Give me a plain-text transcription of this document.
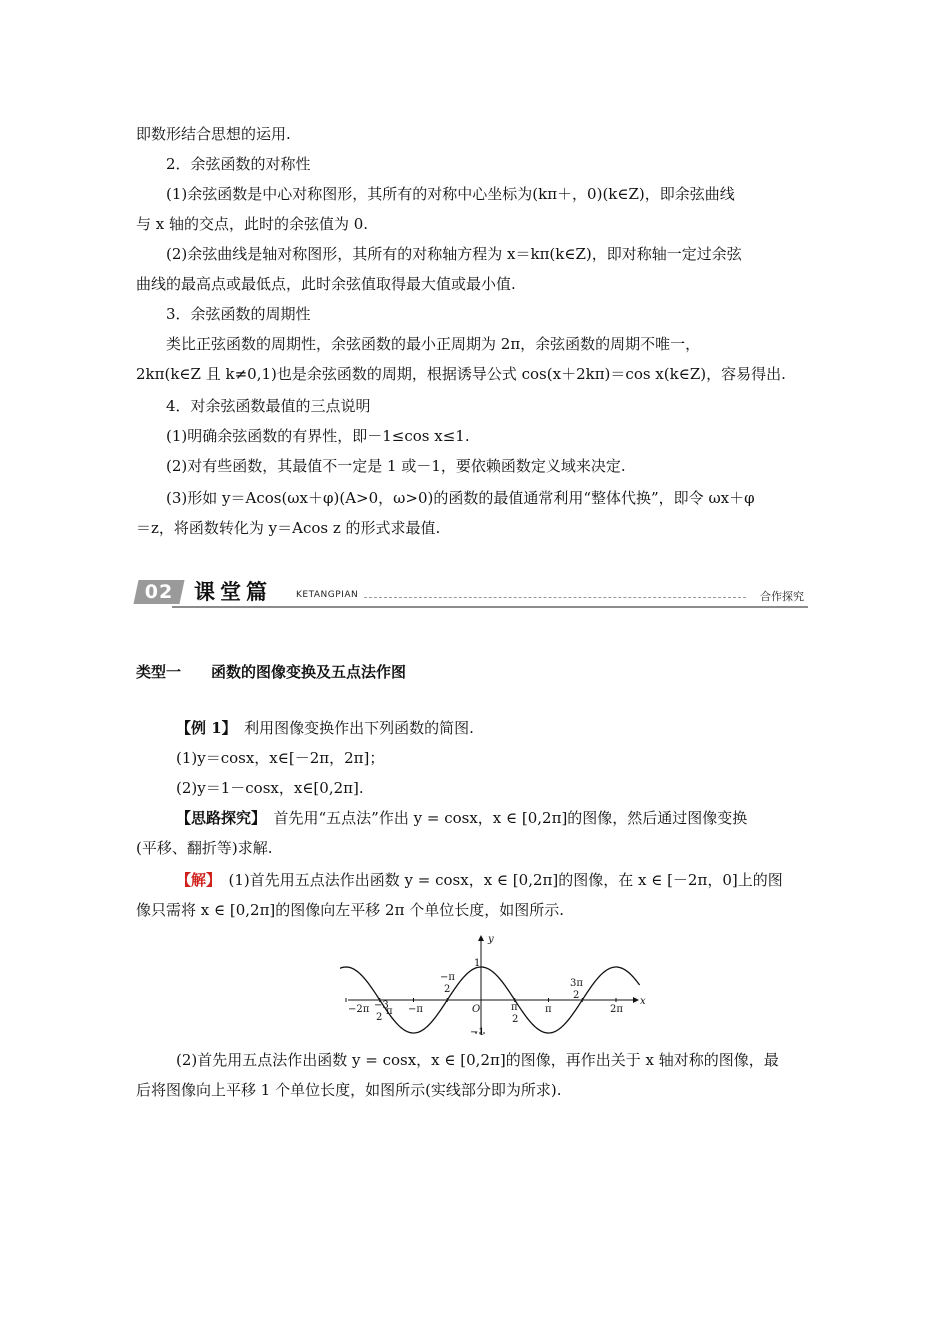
即数形结合思想的运用.
2．余弦函数的对称性
(1)余弦函数是中心对称图形，其所有的对称中心坐标为(kπ＋，0)(k∈Z)，即余弦曲线
与 x 轴的交点，此时的余弦值为 0.
(2)余弦曲线是轴对称图形，其所有的对称轴方程为 x＝kπ(k∈Z)，即对称轴一定过余弦
曲线的最高点或最低点，此时余弦值取得最大值或最小值.
3．余弦函数的周期性
类比正弦函数的周期性，余弦函数的最小正周期为 2π，余弦函数的周期不唯一，
2kπ(k∈Z 且 k≠0,1)也是余弦函数的周期，根据诱导公式 cos(x＋2kπ)＝cos x(k∈Z)，容易得出.
4．对余弦函数最值的三点说明
(1)明确余弦函数的有界性，即－1≤cos x≤1.
(2)对有些函数，其最值不一定是 1 或－1，要依赖函数定义域来决定.
(3)形如 y＝Acos(ωx＋φ)(A>0，ω>0)的函数的最值通常利用“整体代换”，即令 ωx＋φ
＝z，将函数转化为 y＝Acos z 的形式求最值.
02 课堂篇	KETANGPIAN	合作探究
类型一　　函数的图像变换及五点法作图
【例 1】　利用图像变换作出下列函数的简图.
(1)y＝cosx，x∈[－2π，2π]；
(2)y＝1－cosx，x∈[0,2π].
【思路探究】　首先用“五点法”作出 y = cosx，x ∈ [0,2π]的图像，然后通过图像变换
(平移、翻折等)求解.
【解】　(1)首先用五点法作出函数 y = cosx，x ∈ [0,2π]的图像，在 x ∈ [－2π，0]上的图
像只需将 x ∈ [0,2π]的图像向左平移 2π 个单位长度，如图所示.
y
x
O
1
−1
−2π −3
2
π −π
−π
2
π
2
π
3π
2
2π
(2)首先用五点法作出函数 y = cosx，x ∈ [0,2π]的图像，再作出关于 x 轴对称的图像，最
后将图像向上平移 1 个单位长度，如图所示(实线部分即为所求).
